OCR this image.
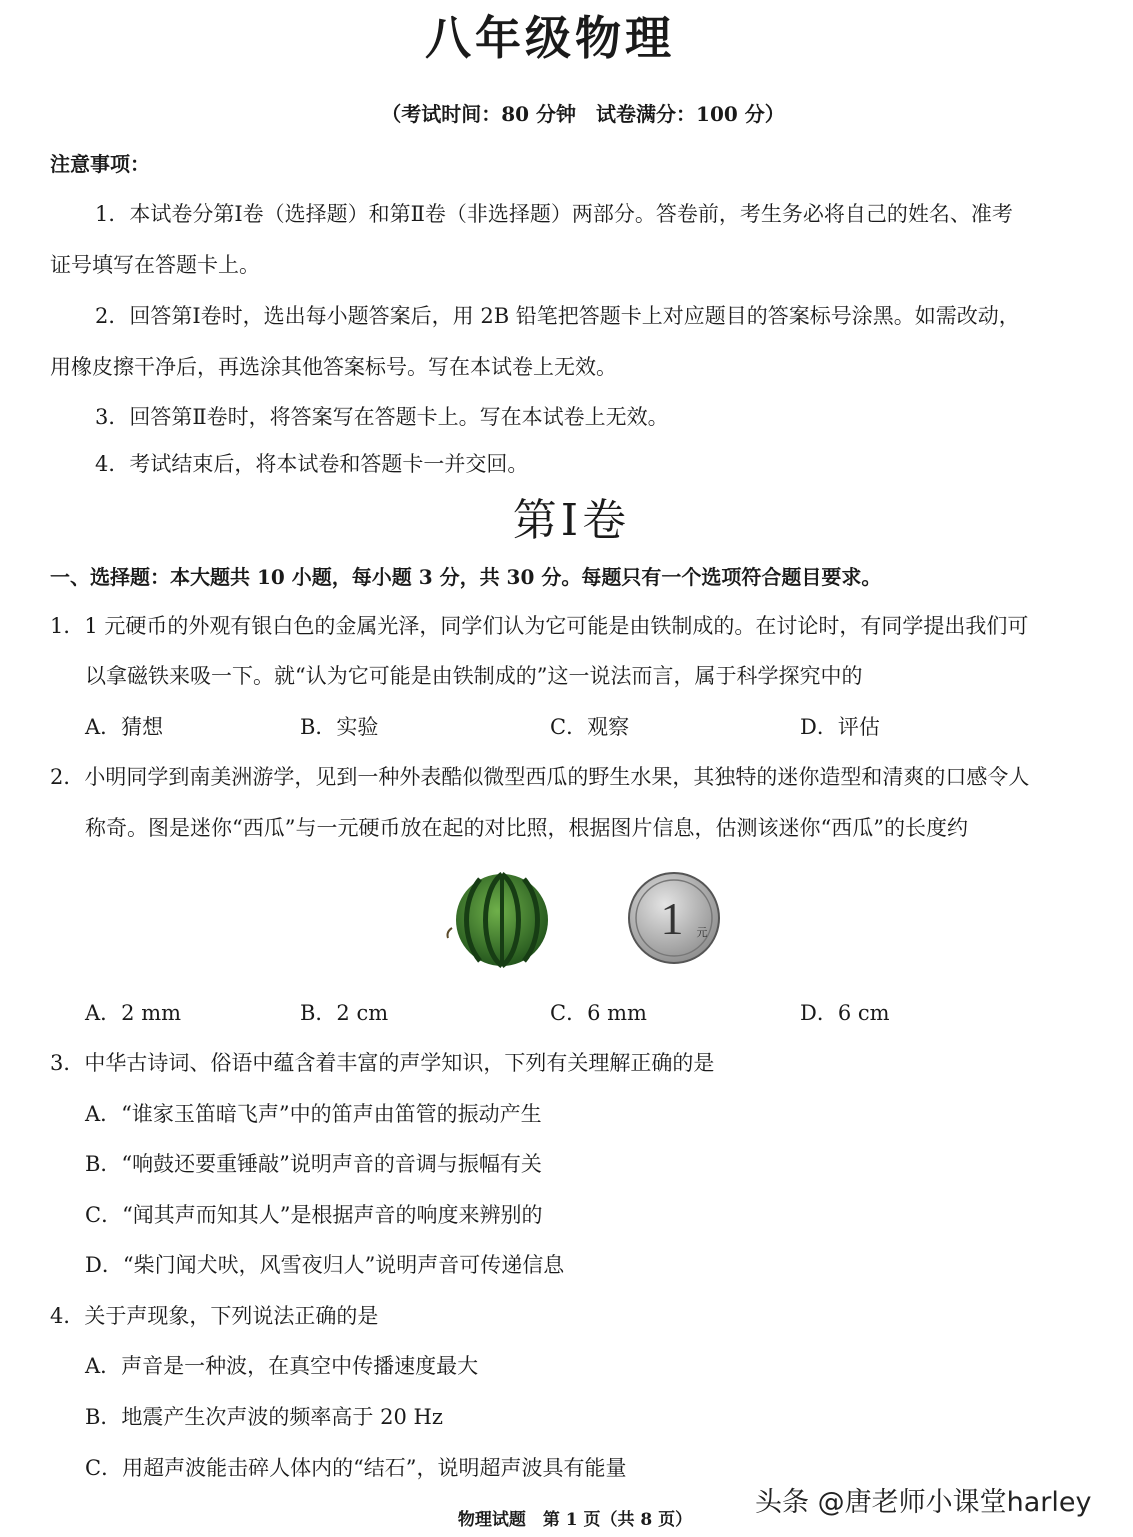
八年级物理
（考试时间：80 分钟　试卷满分：100 分）
注意事项：
1．本试卷分第Ⅰ卷（选择题）和第Ⅱ卷（非选择题）两部分。答卷前，考生务必将自己的姓名、准考
证号填写在答题卡上。
2．回答第Ⅰ卷时，选出每小题答案后，用 2B 铅笔把答题卡上对应题目的答案标号涂黑。如需改动，
用橡皮擦干净后，再选涂其他答案标号。写在本试卷上无效。
3．回答第Ⅱ卷时，将答案写在答题卡上。写在本试卷上无效。
4．考试结束后，将本试卷和答题卡一并交回。
第Ⅰ卷
一、选择题：本大题共 10 小题，每小题 3 分，共 30 分。每题只有一个选项符合题目要求。
1．1 元硬币的外观有银白色的金属光泽，同学们认为它可能是由铁制成的。在讨论时，有同学提出我们可
以拿磁铁来吸一下。就“认为它可能是由铁制成的”这一说法而言，属于科学探究中的
A．猜想	B．实验	C．观察	D．评估
2．小明同学到南美洲游学，见到一种外表酷似微型西瓜的野生水果，其独特的迷你造型和清爽的口感令人
称奇。图是迷你“西瓜”与一元硬币放在起的对比照，根据图片信息，估测该迷你“西瓜”的长度约
1 元
A．2 mm	B．2 cm	C．6 mm	D．6 cm
3．中华古诗词、俗语中蕴含着丰富的声学知识，下列有关理解正确的是
A．“谁家玉笛暗飞声”中的笛声由笛管的振动产生
B．“响鼓还要重锤敲”说明声音的音调与振幅有关
C．“闻其声而知其人”是根据声音的响度来辨别的
D．“柴门闻犬吠，风雪夜归人”说明声音可传递信息
4．关于声现象，下列说法正确的是
A．声音是一种波，在真空中传播速度最大
B．地震产生次声波的频率高于 20 Hz
C．用超声波能击碎人体内的“结石”，说明超声波具有能量
头条 @唐老师小课堂harley
物理试题　第 1 页（共 8 页）
